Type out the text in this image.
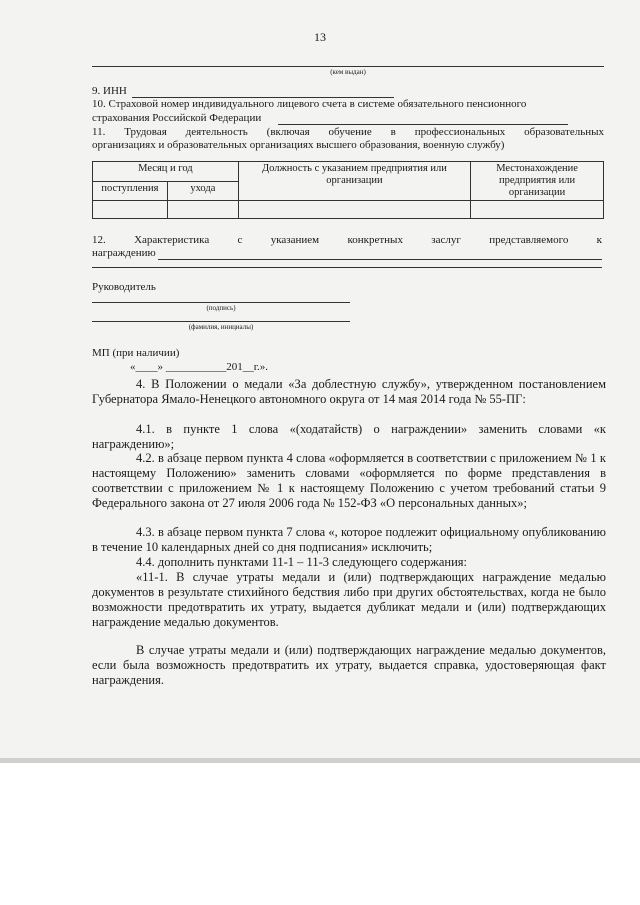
13
(кем выдан)
9. ИНН
10. Страховой номер индивидуального лицевого счета в системе обязательного пенсионного
страхования Российской Федерации
11. Трудовая деятельность (включая обучение в профессиональных образовательных
организациях и образовательных организациях высшего образования, военную службу)
Месяц и год		Должность с указанием предприятия или организации	Местонахождение предприятия или организации
поступления	ухода		

12. Характеристика с указанием конкретных заслуг представляемого к
награждению
Руководитель
(подпись)
(фамилия, инициалы)
МП (при наличии)
«____» ___________201__г.».
4. В Положении о медали «За доблестную службу», утвержденном постановлением Губернатора Ямало-Ненецкого автономного округа от 14 мая 2014 года № 55-ПГ:
4.1. в пункте 1 слова «(ходатайств) о награждении» заменить словами «к награждению»;
4.2. в абзаце первом пункта 4 слова «оформляется в соответствии с приложением № 1 к настоящему Положению» заменить словами «оформляется по форме представления в соответствии с приложением № 1 к настоящему Положению с учетом требований статьи 9 Федерального закона от 27 июля 2006 года № 152-ФЗ «О персональных данных»;
4.3. в абзаце первом пункта 7 слова «, которое подлежит официальному опубликованию в течение 10 календарных дней со дня подписания» исключить;
4.4. дополнить пунктами 11-1 – 11-3 следующего содержания:
«11-1. В случае утраты медали и (или) подтверждающих награждение медалью документов в результате стихийного бедствия либо при других обстоятельствах, когда не было возможности предотвратить их утрату, выдается дубликат медали и (или) подтверждающих награждение медалью документов.
В случае утраты медали и (или) подтверждающих награждение медалью документов, если была возможность предотвратить их утрату, выдается справка, удостоверяющая факт награждения.
